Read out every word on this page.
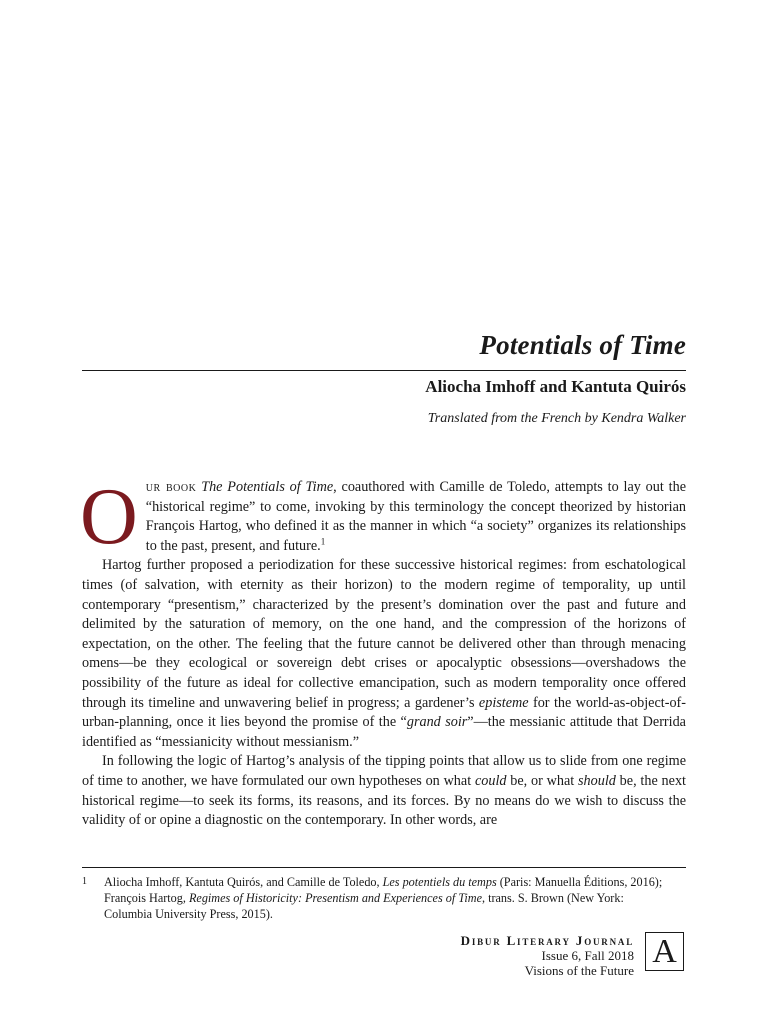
Potentials of Time
Aliocha Imhoff and Kantuta Quirós

Translated from the French by Kendra Walker

Our book The Potentials of Time, coauthored with Camille de Toledo, attempts to lay out the “historical regime” to come, invoking by this terminology the concept theorized by historian François Hartog, who defined it as the manner in which “a society” organizes its relationships to the past, present, and future.$^1$

Hartog further proposed a periodization for these successive historical regimes: from eschatological times (of salvation, with eternity as their horizon) to the modern regime of temporality, up until contemporary “presentism,” characterized by the present’s domination over the past and future and delimited by the saturation of memory, on the one hand, and the compression of the horizons of expectation, on the other. The feeling that the future cannot be delivered other than through menacing omens—be they ecological or sovereign debt crises or apocalyptic obsessions—overshadows the possibility of the future as ideal for collective emancipation, such as modern temporality once offered through its timeline and unwavering belief in progress; a gardener’s episteme for the world-as-object-of-urban-planning, once it lies beyond the promise of the “grand soir”—the messianic attitude that Derrida identified as “messianicity without messianism.”

In following the logic of Hartog’s analysis of the tipping points that allow us to slide from one regime of time to another, we have formulated our own hypotheses on what could be, or what should be, the next historical regime—to seek its forms, its reasons, and its forces. By no means do we wish to discuss the validity of or opine a diagnostic on the contemporary. In other words, are

1	Aliocha Imhoff, Kantuta Quirós, and Camille de Toledo, Les potentiels du temps (Paris: Manuella Éditions, 2016); François Hartog, Regimes of Historicity: Presentism and Experiences of Time, trans. S. Brown (New York: Columbia University Press, 2015).
Dibur Literary Journal
Issue 6, Fall 2018
Visions of the Future
A
